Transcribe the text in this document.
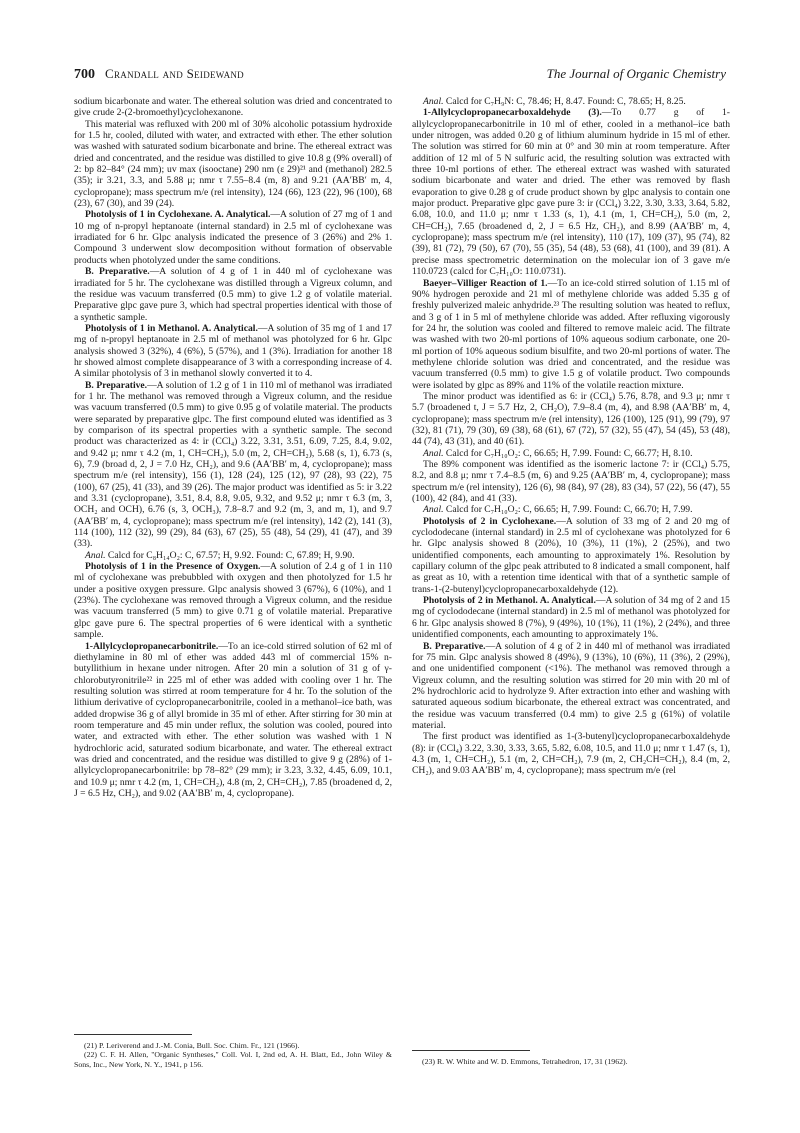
700 Crandall and Seidewand	The Journal of Organic Chemistry

sodium bicarbonate and water. The ethereal solution was dried and concentrated to give crude 2-(2-bromoethyl)cyclohexanone.

This material was refluxed with 200 ml of 30% alcoholic potassium hydroxide for 1.5 hr, cooled, diluted with water, and extracted with ether. The ether solution was washed with saturated sodium bicarbonate and brine. The ethereal extract was dried and concentrated, and the residue was distilled to give 10.8 g (9% overall) of 2: bp 82–84° (24 mm); uv max (isooctane) 290 nm (ε 29)²¹ and (methanol) 282.5 (35); ir 3.21, 3.3, and 5.88 μ; nmr τ 7.55–8.4 (m, 8) and 9.21 (AA′BB′ m, 4, cyclopropane); mass spectrum m/e (rel intensity), 124 (66), 123 (22), 96 (100), 68 (23), 67 (30), and 39 (24).

Photolysis of 1 in Cyclohexane. A. Analytical.—A solution of 27 mg of 1 and 10 mg of n-propyl heptanoate (internal standard) in 2.5 ml of cyclohexane was irradiated for 6 hr. Glpc analysis indicated the presence of 3 (26%) and 2% 1. Compound 3 underwent slow decomposition without formation of observable products when photolyzed under the same conditions.

B. Preparative.—A solution of 4 g of 1 in 440 ml of cyclohexane was irradiated for 5 hr. The cyclohexane was distilled through a Vigreux column, and the residue was vacuum transferred (0.5 mm) to give 1.2 g of volatile material. Preparative glpc gave pure 3, which had spectral properties identical with those of a synthetic sample.

Photolysis of 1 in Methanol. A. Analytical.—A solution of 35 mg of 1 and 17 mg of n-propyl heptanoate in 2.5 ml of methanol was photolyzed for 6 hr. Glpc analysis showed 3 (32%), 4 (6%), 5 (57%), and 1 (3%). Irradiation for another 18 hr showed almost complete disappearance of 3 with a corresponding increase of 4. A similar photolysis of 3 in methanol slowly converted it to 4.

B. Preparative.—A solution of 1.2 g of 1 in 110 ml of methanol was irradiated for 1 hr. The methanol was removed through a Vigreux column, and the residue was vacuum transferred (0.5 mm) to give 0.95 g of volatile material. The products were separated by preparative glpc. The first compound eluted was identified as 3 by comparison of its spectral properties with a synthetic sample. The second product was characterized as 4: ir (CCl₄) 3.22, 3.31, 3.51, 6.09, 7.25, 8.4, 9.02, and 9.42 μ; nmr τ 4.2 (m, 1, CH=CH₂), 5.0 (m, 2, CH=CH₂), 5.68 (s, 1), 6.73 (s, 6), 7.9 (broad d, 2, J = 7.0 Hz, CH₂), and 9.6 (AA′BB′ m, 4, cyclopropane); mass spectrum m/e (rel intensity), 156 (1), 128 (24), 125 (12), 97 (28), 93 (22), 75 (100), 67 (25), 41 (33), and 39 (26). The major product was identified as 5: ir 3.22 and 3.31 (cyclopropane), 3.51, 8.4, 8.8, 9.05, 9.32, and 9.52 μ; nmr τ 6.3 (m, 3, OCH₂ and OCH), 6.76 (s, 3, OCH₃), 7.8–8.7 and 9.2 (m, 3, and m, 1), and 9.7 (AA′BB′ m, 4, cyclopropane); mass spectrum m/e (rel intensity), 142 (2), 141 (3), 114 (100), 112 (32), 99 (29), 84 (63), 67 (25), 55 (48), 54 (29), 41 (47), and 39 (33).

Anal. Calcd for C₈H₁₄O₂: C, 67.57; H, 9.92. Found: C, 67.89; H, 9.90.

Photolysis of 1 in the Presence of Oxygen.—A solution of 2.4 g of 1 in 110 ml of cyclohexane was prebubbled with oxygen and then photolyzed for 1.5 hr under a positive oxygen pressure. Glpc analysis showed 3 (67%), 6 (10%), and 1 (23%). The cyclohexane was removed through a Vigreux column, and the residue was vacuum transferred (5 mm) to give 0.71 g of volatile material. Preparative glpc gave pure 6. The spectral properties of 6 were identical with a synthetic sample.

1-Allylcyclopropanecarbonitrile.—To an ice-cold stirred solution of 62 ml of diethylamine in 80 ml of ether was added 443 ml of commercial 15% n-butyllithium in hexane under nitrogen. After 20 min a solution of 31 g of γ-chlorobutyronitrile²² in 225 ml of ether was added with cooling over 1 hr. The resulting solution was stirred at room temperature for 4 hr. To the solution of the lithium derivative of cyclopropanecarbonitrile, cooled in a methanol–ice bath, was added dropwise 36 g of allyl bromide in 35 ml of ether. After stirring for 30 min at room temperature and 45 min under reflux, the solution was cooled, poured into water, and extracted with ether. The ether solution was washed with 1 N hydrochloric acid, saturated sodium bicarbonate, and water. The ethereal extract was dried and concentrated, and the residue was distilled to give 9 g (28%) of 1-allylcyclopropanecarbonitrile: bp 78–82° (29 mm); ir 3.23, 3.32, 4.45, 6.09, 10.1, and 10.9 μ; nmr τ 4.2 (m, 1, CH=CH₂), 4.8 (m, 2, CH=CH₂), 7.85 (broadened d, 2, J = 6.5 Hz, CH₂), and 9.02 (AA′BB′ m, 4, cyclopropane).

Anal. Calcd for C₇H₉N: C, 78.46; H, 8.47. Found: C, 78.65; H, 8.25.

1-Allylcyclopropanecarboxaldehyde (3).—To 0.77 g of 1-allylcyclopropanecarbonitrile in 10 ml of ether, cooled in a methanol–ice bath under nitrogen, was added 0.20 g of lithium aluminum hydride in 15 ml of ether. The solution was stirred for 60 min at 0° and 30 min at room temperature. After addition of 12 ml of 5 N sulfuric acid, the resulting solution was extracted with three 10-ml portions of ether. The ethereal extract was washed with saturated sodium bicarbonate and water and dried. The ether was removed by flash evaporation to give 0.28 g of crude product shown by glpc analysis to contain one major product. Preparative glpc gave pure 3: ir (CCl₄) 3.22, 3.30, 3.33, 3.64, 5.82, 6.08, 10.0, and 11.0 μ; nmr τ 1.33 (s, 1), 4.1 (m, 1, CH=CH₂), 5.0 (m, 2, CH=CH₂), 7.65 (broadened d, 2, J = 6.5 Hz, CH₂), and 8.99 (AA′BB′ m, 4, cyclopropane); mass spectrum m/e (rel intensity), 110 (17), 109 (37), 95 (74), 82 (39), 81 (72), 79 (50), 67 (70), 55 (35), 54 (48), 53 (68), 41 (100), and 39 (81). A precise mass spectrometric determination on the molecular ion of 3 gave m/e 110.0723 (calcd for C₇H₁₀O: 110.0731).

Baeyer–Villiger Reaction of 1.—To an ice-cold stirred solution of 1.15 ml of 90% hydrogen peroxide and 21 ml of methylene chloride was added 5.35 g of freshly pulverized maleic anhydride.²³ The resulting solution was heated to reflux, and 3 g of 1 in 5 ml of methylene chloride was added. After refluxing vigorously for 24 hr, the solution was cooled and filtered to remove maleic acid. The filtrate was washed with two 20-ml portions of 10% aqueous sodium carbonate, one 20-ml portion of 10% aqueous sodium bisulfite, and two 20-ml portions of water. The methylene chloride solution was dried and concentrated, and the residue was vacuum transferred (0.5 mm) to give 1.5 g of volatile product. Two compounds were isolated by glpc as 89% and 11% of the volatile reaction mixture.

The minor product was identified as 6: ir (CCl₄) 5.76, 8.78, and 9.3 μ; nmr τ 5.7 (broadened t, J = 5.7 Hz, 2, CH₂O), 7.9–8.4 (m, 4), and 8.98 (AA′BB′ m, 4, cyclopropane); mass spectrum m/e (rel intensity), 126 (100), 125 (91), 99 (79), 97 (32), 81 (71), 79 (30), 69 (38), 68 (61), 67 (72), 57 (32), 55 (47), 54 (45), 53 (48), 44 (74), 43 (31), and 40 (61).

Anal. Calcd for C₇H₁₀O₂: C, 66.65; H, 7.99. Found: C, 66.77; H, 8.10.

The 89% component was identified as the isomeric lactone 7: ir (CCl₄) 5.75, 8.2, and 8.8 μ; nmr τ 7.4–8.5 (m, 6) and 9.25 (AA′BB′ m, 4, cyclopropane); mass spectrum m/e (rel intensity), 126 (6), 98 (84), 97 (28), 83 (34), 57 (22), 56 (47), 55 (100), 42 (84), and 41 (33).

Anal. Calcd for C₇H₁₀O₂: C, 66.65; H, 7.99. Found: C, 66.70; H, 7.99.

Photolysis of 2 in Cyclohexane.—A solution of 33 mg of 2 and 20 mg of cyclododecane (internal standard) in 2.5 ml of cyclohexane was photolyzed for 6 hr. Glpc analysis showed 8 (20%), 10 (3%), 11 (1%), 2 (25%), and two unidentified components, each amounting to approximately 1%. Resolution by capillary column of the glpc peak attributed to 8 indicated a small component, half as great as 10, with a retention time identical with that of a synthetic sample of trans-1-(2-butenyl)cyclopropanecarboxaldehyde (12).

Photolysis of 2 in Methanol. A. Analytical.—A solution of 34 mg of 2 and 15 mg of cyclododecane (internal standard) in 2.5 ml of methanol was photolyzed for 6 hr. Glpc analysis showed 8 (7%), 9 (49%), 10 (1%), 11 (1%), 2 (24%), and three unidentified components, each amounting to approximately 1%.

B. Preparative.—A solution of 4 g of 2 in 440 ml of methanol was irradiated for 75 min. Glpc analysis showed 8 (49%), 9 (13%), 10 (6%), 11 (3%), 2 (29%), and one unidentified component (<1%). The methanol was removed through a Vigreux column, and the resulting solution was stirred for 20 min with 20 ml of 2% hydrochloric acid to hydrolyze 9. After extraction into ether and washing with saturated aqueous sodium bicarbonate, the ethereal extract was concentrated, and the residue was vacuum transferred (0.4 mm) to give 2.5 g (61%) of volatile material.

The first product was identified as 1-(3-butenyl)cyclopropanecarboxaldehyde (8): ir (CCl₄) 3.22, 3.30, 3.33, 3.65, 5.82, 6.08, 10.5, and 11.0 μ; nmr τ 1.47 (s, 1), 4.3 (m, 1, CH=CH₂), 5.1 (m, 2, CH=CH₂), 7.9 (m, 2, CH₂CH=CH₂), 8.4 (m, 2, CH₂), and 9.03 AA′BB′ m, 4, cyclopropane); mass spectrum m/e (rel

(21) P. Leriverend and J.-M. Conia, Bull. Soc. Chim. Fr., 121 (1966).
(22) C. F. H. Allen, "Organic Syntheses," Coll. Vol. I, 2nd ed, A. H. Blatt, Ed., John Wiley & Sons, Inc., New York, N. Y., 1941, p 156.	(23) R. W. White and W. D. Emmons, Tetrahedron, 17, 31 (1962).
